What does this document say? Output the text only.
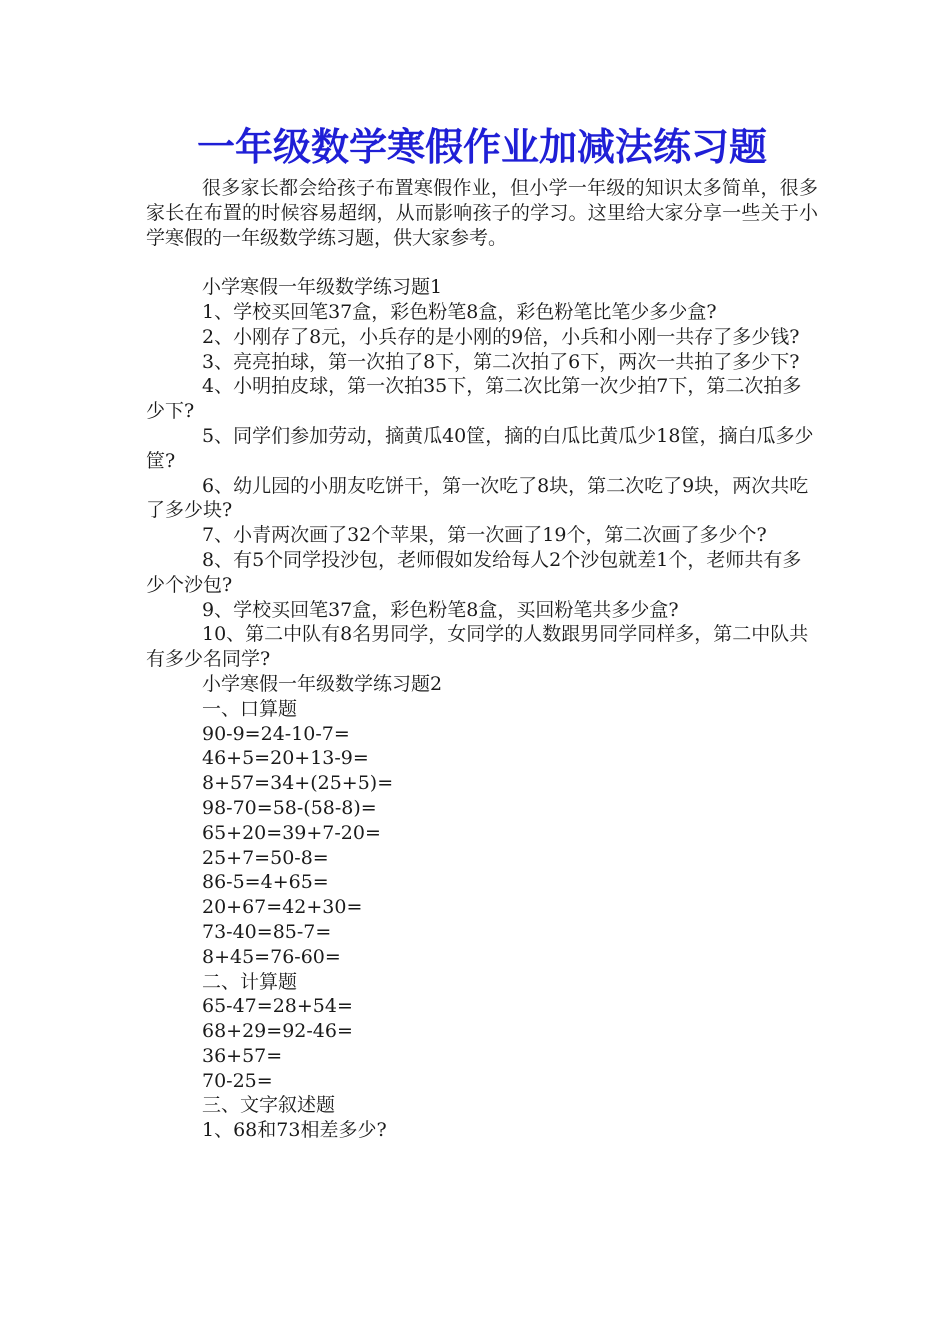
一年级数学寒假作业加减法练习题

很多家长都会给孩子布置寒假作业，但小学一年级的知识太多简单，很多家长在布置的时候容易超纲，从而影响孩子的学习。这里给大家分享一些关于小学寒假的一年级数学练习题，供大家参考。

小学寒假一年级数学练习题1

1、学校买回笔37盒，彩色粉笔8盒，彩色粉笔比笔少多少盒?

2、小刚存了8元，小兵存的是小刚的9倍，小兵和小刚一共存了多少钱?

3、亮亮拍球，第一次拍了8下，第二次拍了6下，两次一共拍了多少下?

4、小明拍皮球，第一次拍35下，第二次比第一次少拍7下，第二次拍多少下?

5、同学们参加劳动，摘黄瓜40筐，摘的白瓜比黄瓜少18筐，摘白瓜多少筐?

6、幼儿园的小朋友吃饼干，第一次吃了8块，第二次吃了9块，两次共吃了多少块?

7、小青两次画了32个苹果，第一次画了19个，第二次画了多少个?

8、有5个同学投沙包，老师假如发给每人2个沙包就差1个，老师共有多少个沙包?

9、学校买回笔37盒，彩色粉笔8盒，买回粉笔共多少盒?

10、第二中队有8名男同学，女同学的人数跟男同学同样多，第二中队共有多少名同学?

小学寒假一年级数学练习题2

一、口算题

90-9=24-10-7=

46+5=20+13-9=

8+57=34+(25+5)=

98-70=58-(58-8)=

65+20=39+7-20=

25+7=50-8=

86-5=4+65=

20+67=42+30=

73-40=85-7=

8+45=76-60=

二、计算题

65-47=28+54=

68+29=92-46=

36+57=

70-25=

三、文字叙述题

1、68和73相差多少?
